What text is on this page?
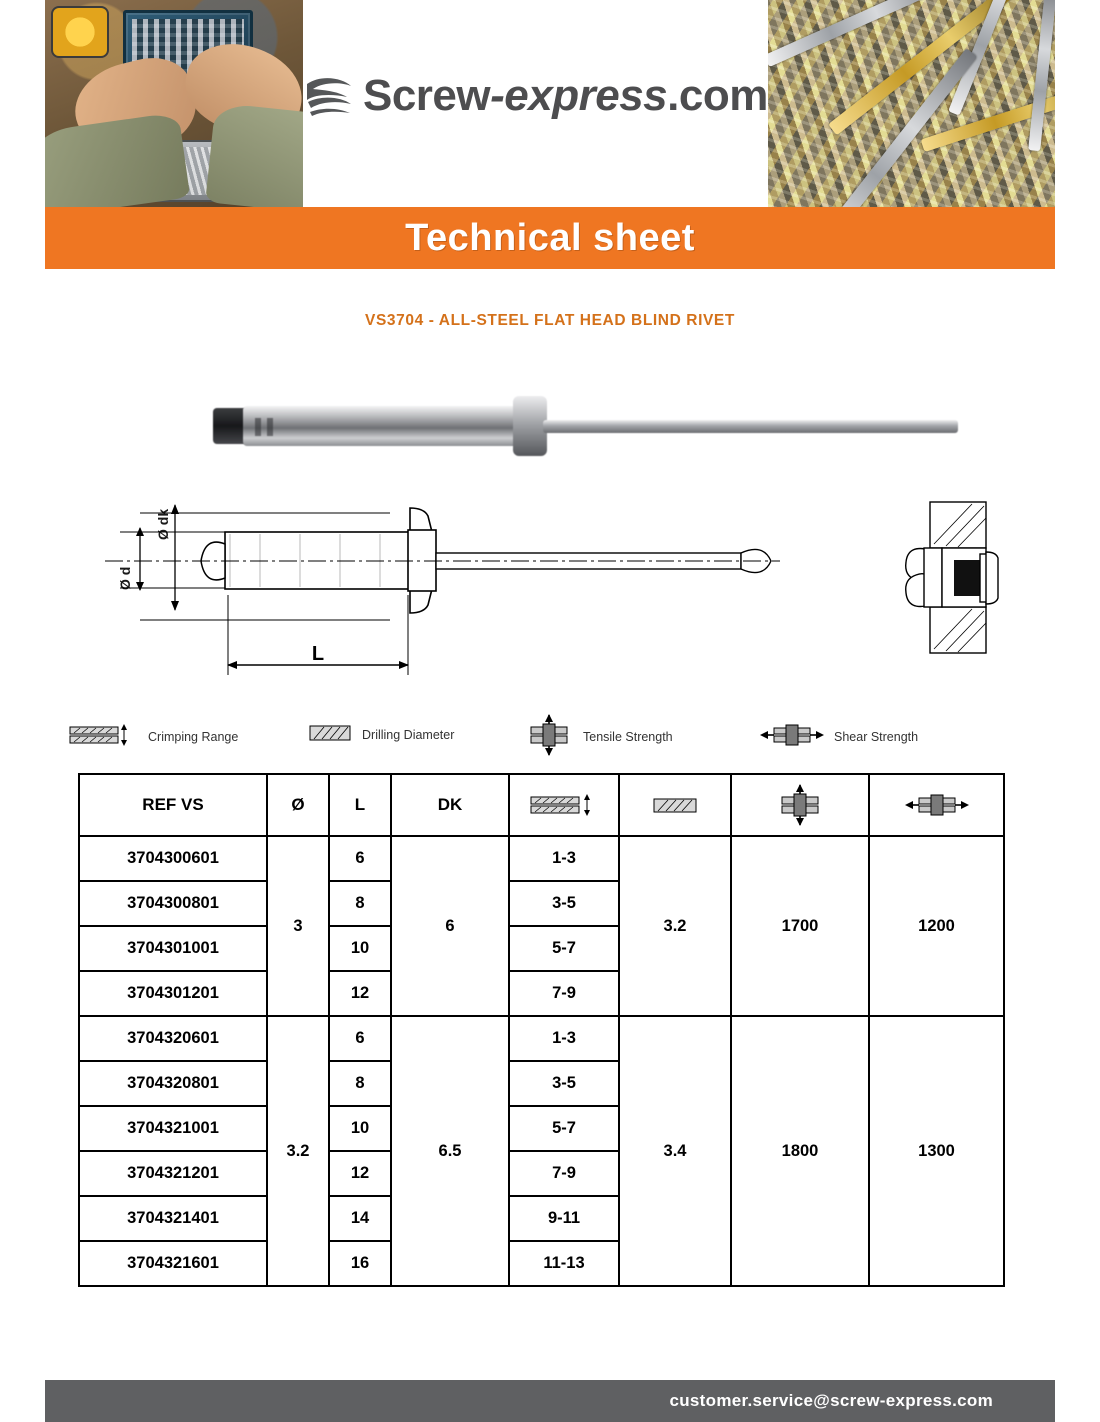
Screw-express.com
Technical sheet
VS3704 - ALL-STEEL FLAT HEAD BLIND RIVET
Ø dk
Ø d
L
Crimping Range	Drilling Diameter	Tensile Strength	Shear Strength
REF VS	Ø	L	DK	

3704300601	3	6	6	1-3	3.2	1700	1200
3704300801		8		3-5			
3704301001		10		5-7			
3704301201		12		7-9			
3704320601	3.2	6	6.5	1-3	3.4	1800	1300
3704320801		8		3-5			
3704321001		10		5-7			
3704321201		12		7-9			
3704321401		14		9-11			
3704321601		16		11-13			
customer.service@screw-express.com
